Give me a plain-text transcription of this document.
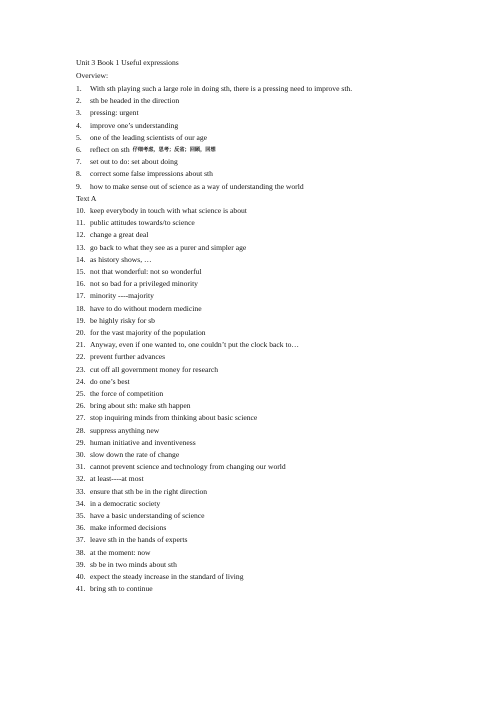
Unit 3 Book 1 Useful expressions
Overview:
1.	With sth playing such a large role in doing sth, there is a pressing need to improve sth.
2.	sth be headed in the direction
3.	pressing: urgent
4.	improve one’s understanding
5.	one of the leading scientists of our age
6.	reflect on sth 仔细考虑，思考；反省；回顾，回想
7.	set out to do: set about doing
8.	correct some false impressions about sth
9.	how to make sense out of science as a way of understanding the world
Text A
10. keep everybody in touch with what science is about
11. public attitudes towards/to science
12. change a great deal
13. go back to what they see as a purer and simpler age
14. as history shows, …
15. not that wonderful: not so wonderful
16. not so bad for a privileged minority
17. minority ----majority
18. have to do without modern medicine
19. be highly risky for sb
20. for the vast majority of the population
21. Anyway, even if one wanted to, one couldn’t put the clock back to…
22. prevent further advances
23. cut off all government money for research
24. do one’s best
25. the force of competition
26. bring about sth: make sth happen
27. stop inquiring minds from thinking about basic science
28. suppress anything new
29. human initiative and inventiveness
30. slow down the rate of change
31. cannot prevent science and technology from changing our world
32. at least----at most
33. ensure that sth be in the right direction
34. in a democratic society
35. have a basic understanding of science
36. make informed decisions
37. leave sth in the hands of experts
38. at the moment: now
39. sb be in two minds about sth
40. expect the steady increase in the standard of living
41. bring sth to continue
